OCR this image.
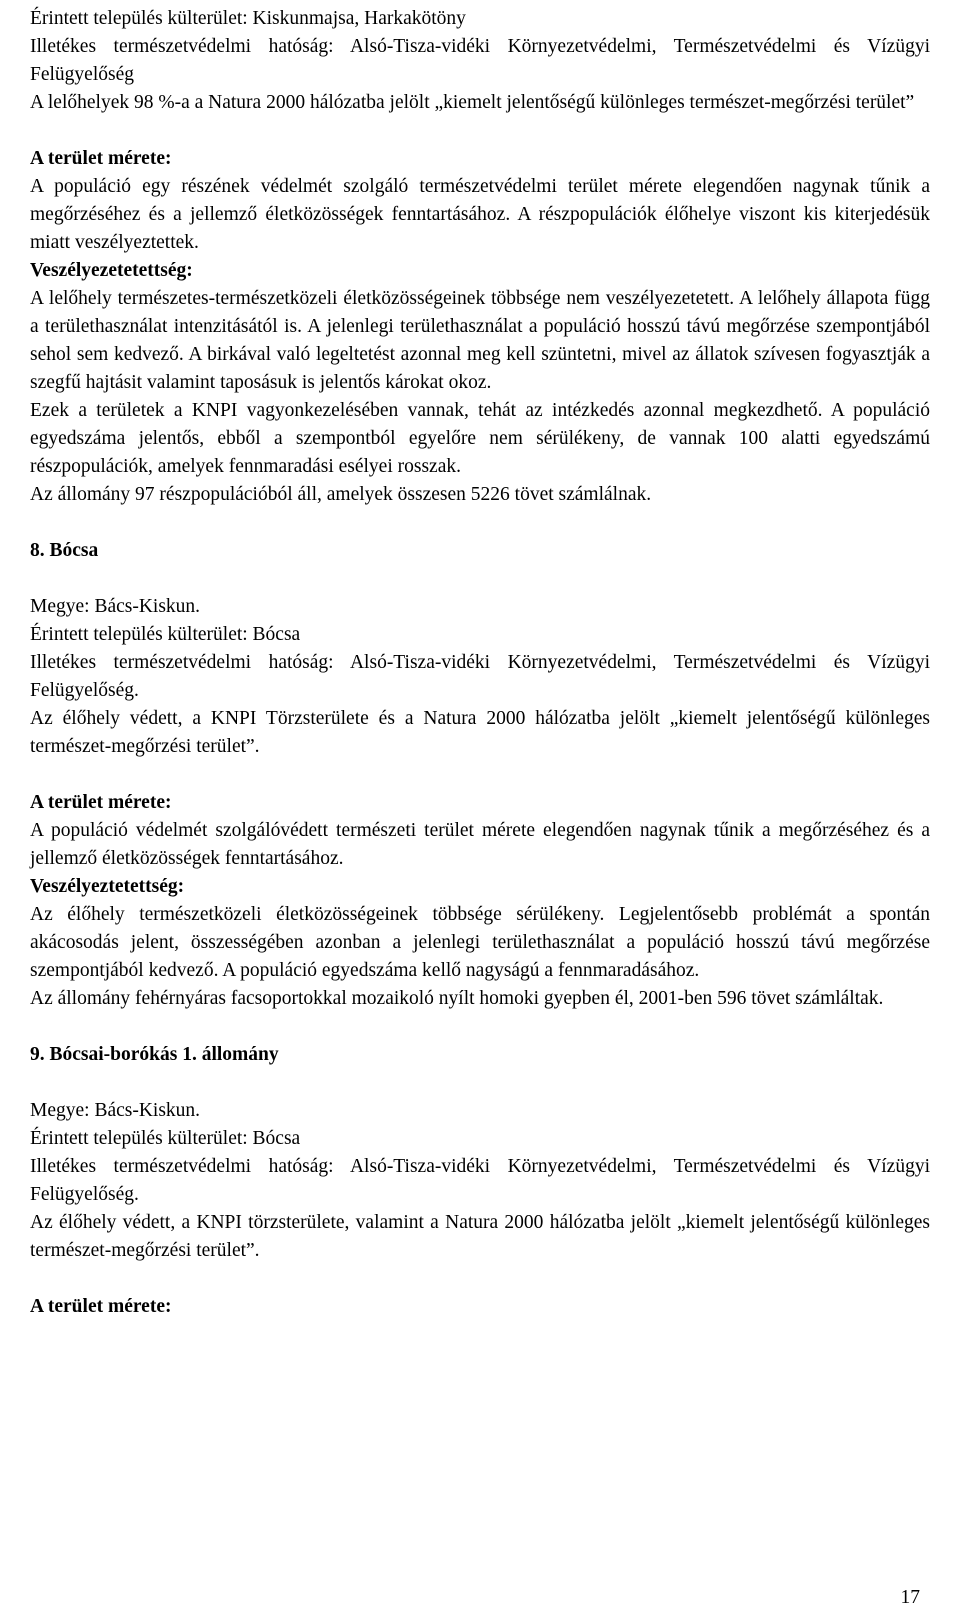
Érintett település külterület: Kiskunmajsa, Harkakötöny

Illetékes természetvédelmi hatóság: Alsó-Tisza-vidéki Környezetvédelmi, Természetvédelmi és Vízügyi Felügyelőség

A lelőhelyek 98 %-a a Natura 2000 hálózatba jelölt „kiemelt jelentőségű különleges természet-megőrzési terület”

A terület mérete:

A populáció egy részének védelmét szolgáló természetvédelmi terület mérete elegendően nagynak tűnik a megőrzéséhez és a jellemző életközösségek fenntartásához. A részpopulációk élőhelye viszont kis kiterjedésük miatt veszélyeztettek.

Veszélyezetetettség:

A lelőhely természetes-természetközeli életközösségeinek többsége nem veszélyezetetett. A lelőhely állapota függ a területhasználat intenzitásától is. A jelenlegi területhasználat a populáció hosszú távú megőrzése szempontjából sehol sem kedvező. A birkával való legeltetést azonnal meg kell szüntetni, mivel az állatok szívesen fogyasztják a szegfű hajtásit valamint taposásuk is jelentős károkat okoz.

Ezek a területek a KNPI vagyonkezelésében vannak, tehát az intézkedés azonnal megkezdhető. A populáció egyedszáma jelentős, ebből a szempontból egyelőre nem sérülékeny, de vannak 100 alatti egyedszámú részpopulációk, amelyek fennmaradási esélyei rosszak.

Az állomány 97 részpopulációból áll, amelyek összesen 5226 tövet számlálnak.

8. Bócsa

Megye: Bács-Kiskun.

Érintett település külterület: Bócsa

Illetékes természetvédelmi hatóság: Alsó-Tisza-vidéki Környezetvédelmi, Természetvédelmi és Vízügyi Felügyelőség.

Az élőhely védett, a KNPI Törzsterülete és a Natura 2000 hálózatba jelölt „kiemelt jelentőségű különleges természet-megőrzési terület”.

A terület mérete:

A populáció védelmét szolgálóvédett természeti terület mérete elegendően nagynak tűnik a megőrzéséhez és a jellemző életközösségek fenntartásához.

Veszélyeztetettség:

Az élőhely természetközeli életközösségeinek többsége sérülékeny. Legjelentősebb problémát a spontán akácosodás jelent, összességében azonban a jelenlegi területhasználat a populáció hosszú távú megőrzése szempontjából kedvező. A populáció egyedszáma kellő nagyságú a fennmaradásához.

Az állomány fehérnyáras facsoportokkal mozaikoló nyílt homoki gyepben él, 2001-ben 596 tövet számláltak.

9. Bócsai-borókás 1. állomány

Megye: Bács-Kiskun.

Érintett település külterület: Bócsa

Illetékes természetvédelmi hatóság: Alsó-Tisza-vidéki Környezetvédelmi, Természetvédelmi és Vízügyi Felügyelőség.

Az élőhely védett, a KNPI törzsterülete, valamint a Natura 2000 hálózatba jelölt „kiemelt jelentőségű különleges természet-megőrzési terület”.

A terület mérete:

17
